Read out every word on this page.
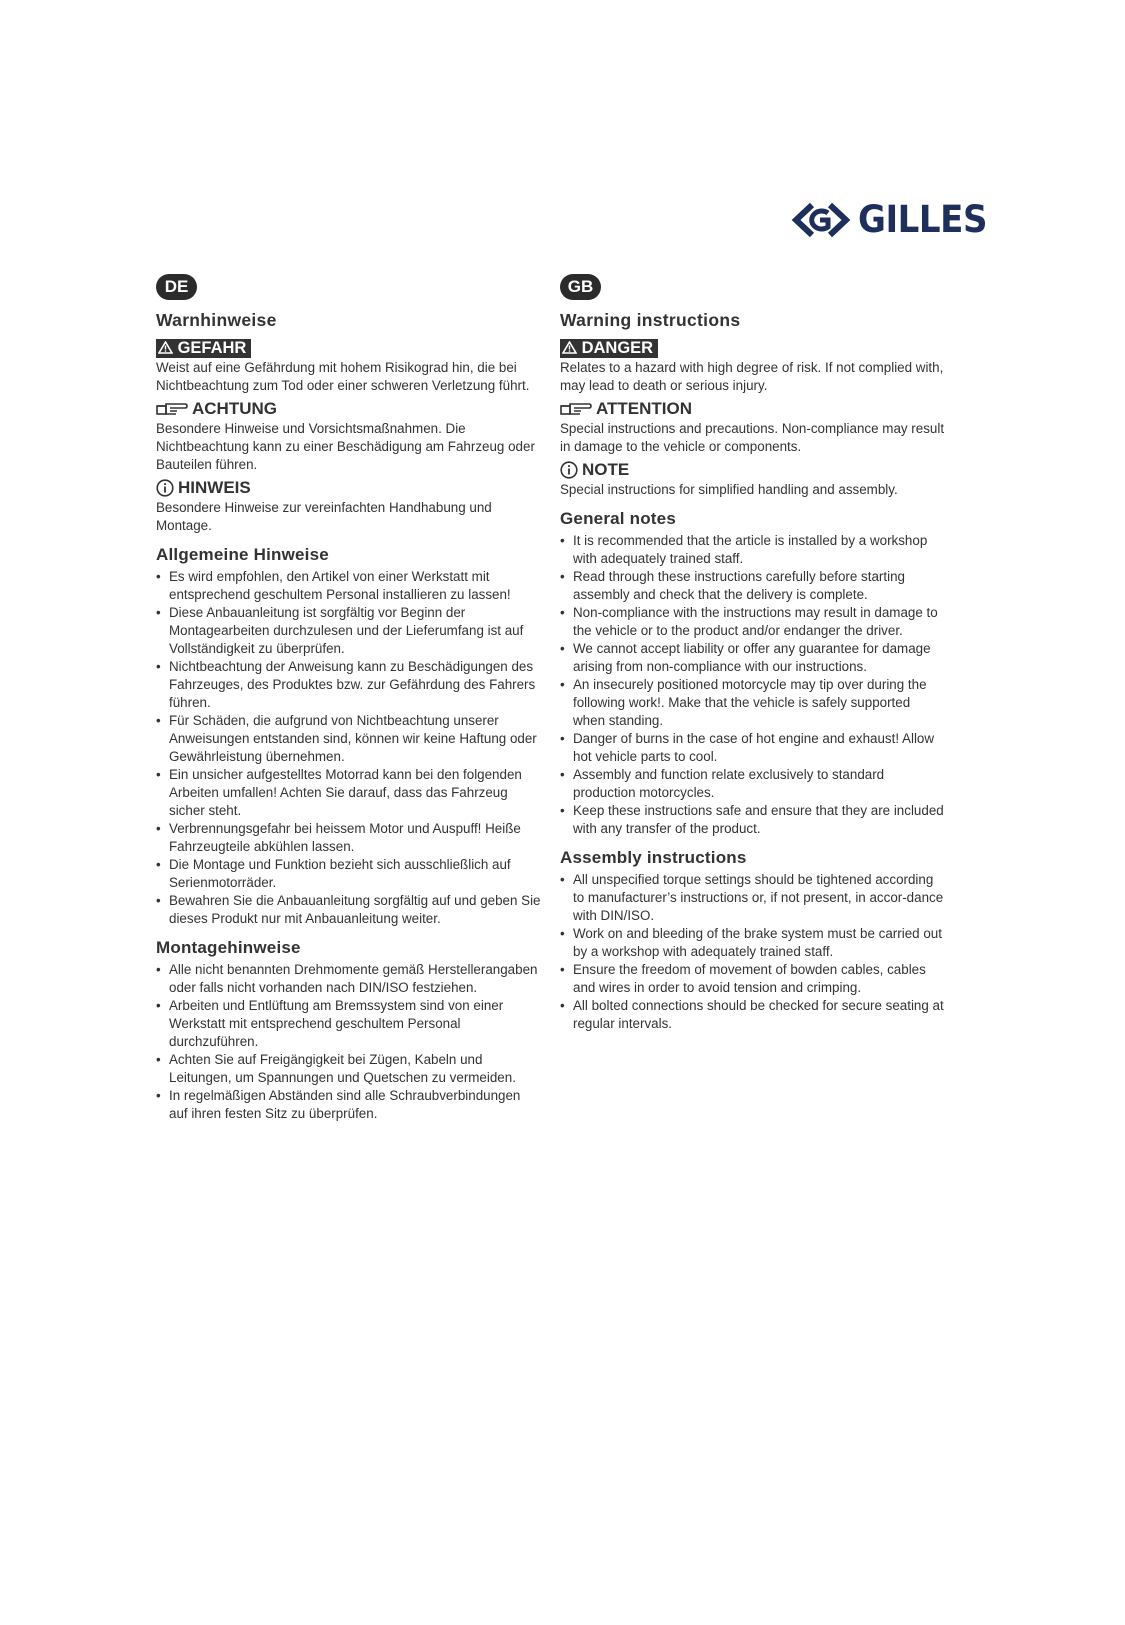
GILLES
DE
Warnhinweise
GEFAHR

Weist auf eine Gefährdung mit hohem Risikograd hin, die bei Nichtbeachtung zum Tod oder einer schweren Verletzung führt.

ACHTUNG

Besondere Hinweise und Vorsichtsmaßnahmen. Die Nichtbeachtung kann zu einer Beschädigung am Fahrzeug oder Bauteilen führen.

HINWEIS

Besondere Hinweise zur vereinfachten Handhabung und Montage.

Allgemeine Hinweise
• Es wird empfohlen, den Artikel von einer Werkstatt mit entsprechend geschultem Personal installieren zu lassen!
• Diese Anbauanleitung ist sorgfältig vor Beginn der Montagearbeiten durchzulesen und der Lieferumfang ist auf Vollständigkeit zu überprüfen.
• Nichtbeachtung der Anweisung kann zu Beschädigungen des Fahrzeuges, des Produktes bzw. zur Gefährdung des Fahrers führen.
• Für Schäden, die aufgrund von Nichtbeachtung unserer Anweisungen entstanden sind, können wir keine Haftung oder Gewährleistung übernehmen.
• Ein unsicher aufgestelltes Motorrad kann bei den folgenden Arbeiten umfallen! Achten Sie darauf, dass das Fahrzeug sicher steht.
• Verbrennungsgefahr bei heissem Motor und Auspuff! Heiße Fahrzeugteile abkühlen lassen.
• Die Montage und Funktion bezieht sich ausschließlich auf Serienmotorräder.
• Bewahren Sie die Anbauanleitung sorgfältig auf und geben Sie dieses Produkt nur mit Anbauanleitung weiter.
Montagehinweise
• Alle nicht benannten Drehmomente gemäß Herstellerangaben oder falls nicht vorhanden nach DIN/ISO festziehen.
• Arbeiten und Entlüftung am Bremssystem sind von einer Werkstatt mit entsprechend geschultem Personal durchzuführen.
• Achten Sie auf Freigängigkeit bei Zügen, Kabeln und Leitungen, um Spannungen und Quetschen zu vermeiden.
• In regelmäßigen Abständen sind alle Schraubverbindungen auf ihren festen Sitz zu überprüfen.
GB
Warning instructions
DANGER

Relates to a hazard with high degree of risk. If not complied with, may lead to death or serious injury.

ATTENTION

Special instructions and precautions. Non-compliance may result in damage to the vehicle or components.

NOTE

Special instructions for simplified handling and assembly.

General notes
• It is recommended that the article is installed by a workshop with adequately trained staff.
• Read through these instructions carefully before starting assembly and check that the delivery is complete.
• Non-compliance with the instructions may result in damage to the vehicle or to the product and/or endanger the driver.
• We cannot accept liability or offer any guarantee for damage arising from non-compliance with our instructions.
• An insecurely positioned motorcycle may tip over during the following work!. Make that the vehicle is safely supported when standing.
• Danger of burns in the case of hot engine and exhaust! Allow hot vehicle parts to cool.
• Assembly and function relate exclusively to standard production motorcycles.
• Keep these instructions safe and ensure that they are included with any transfer of the product.
Assembly instructions
• All unspecified torque settings should be tightened according to manufacturer’s instructions or, if not present, in accor-dance with DIN/ISO.
• Work on and bleeding of the brake system must be carried out by a workshop with adequately trained staff.
• Ensure the freedom of movement of bowden cables, cables and wires in order to avoid tension and crimping.
• All bolted connections should be checked for secure seating at regular intervals.
